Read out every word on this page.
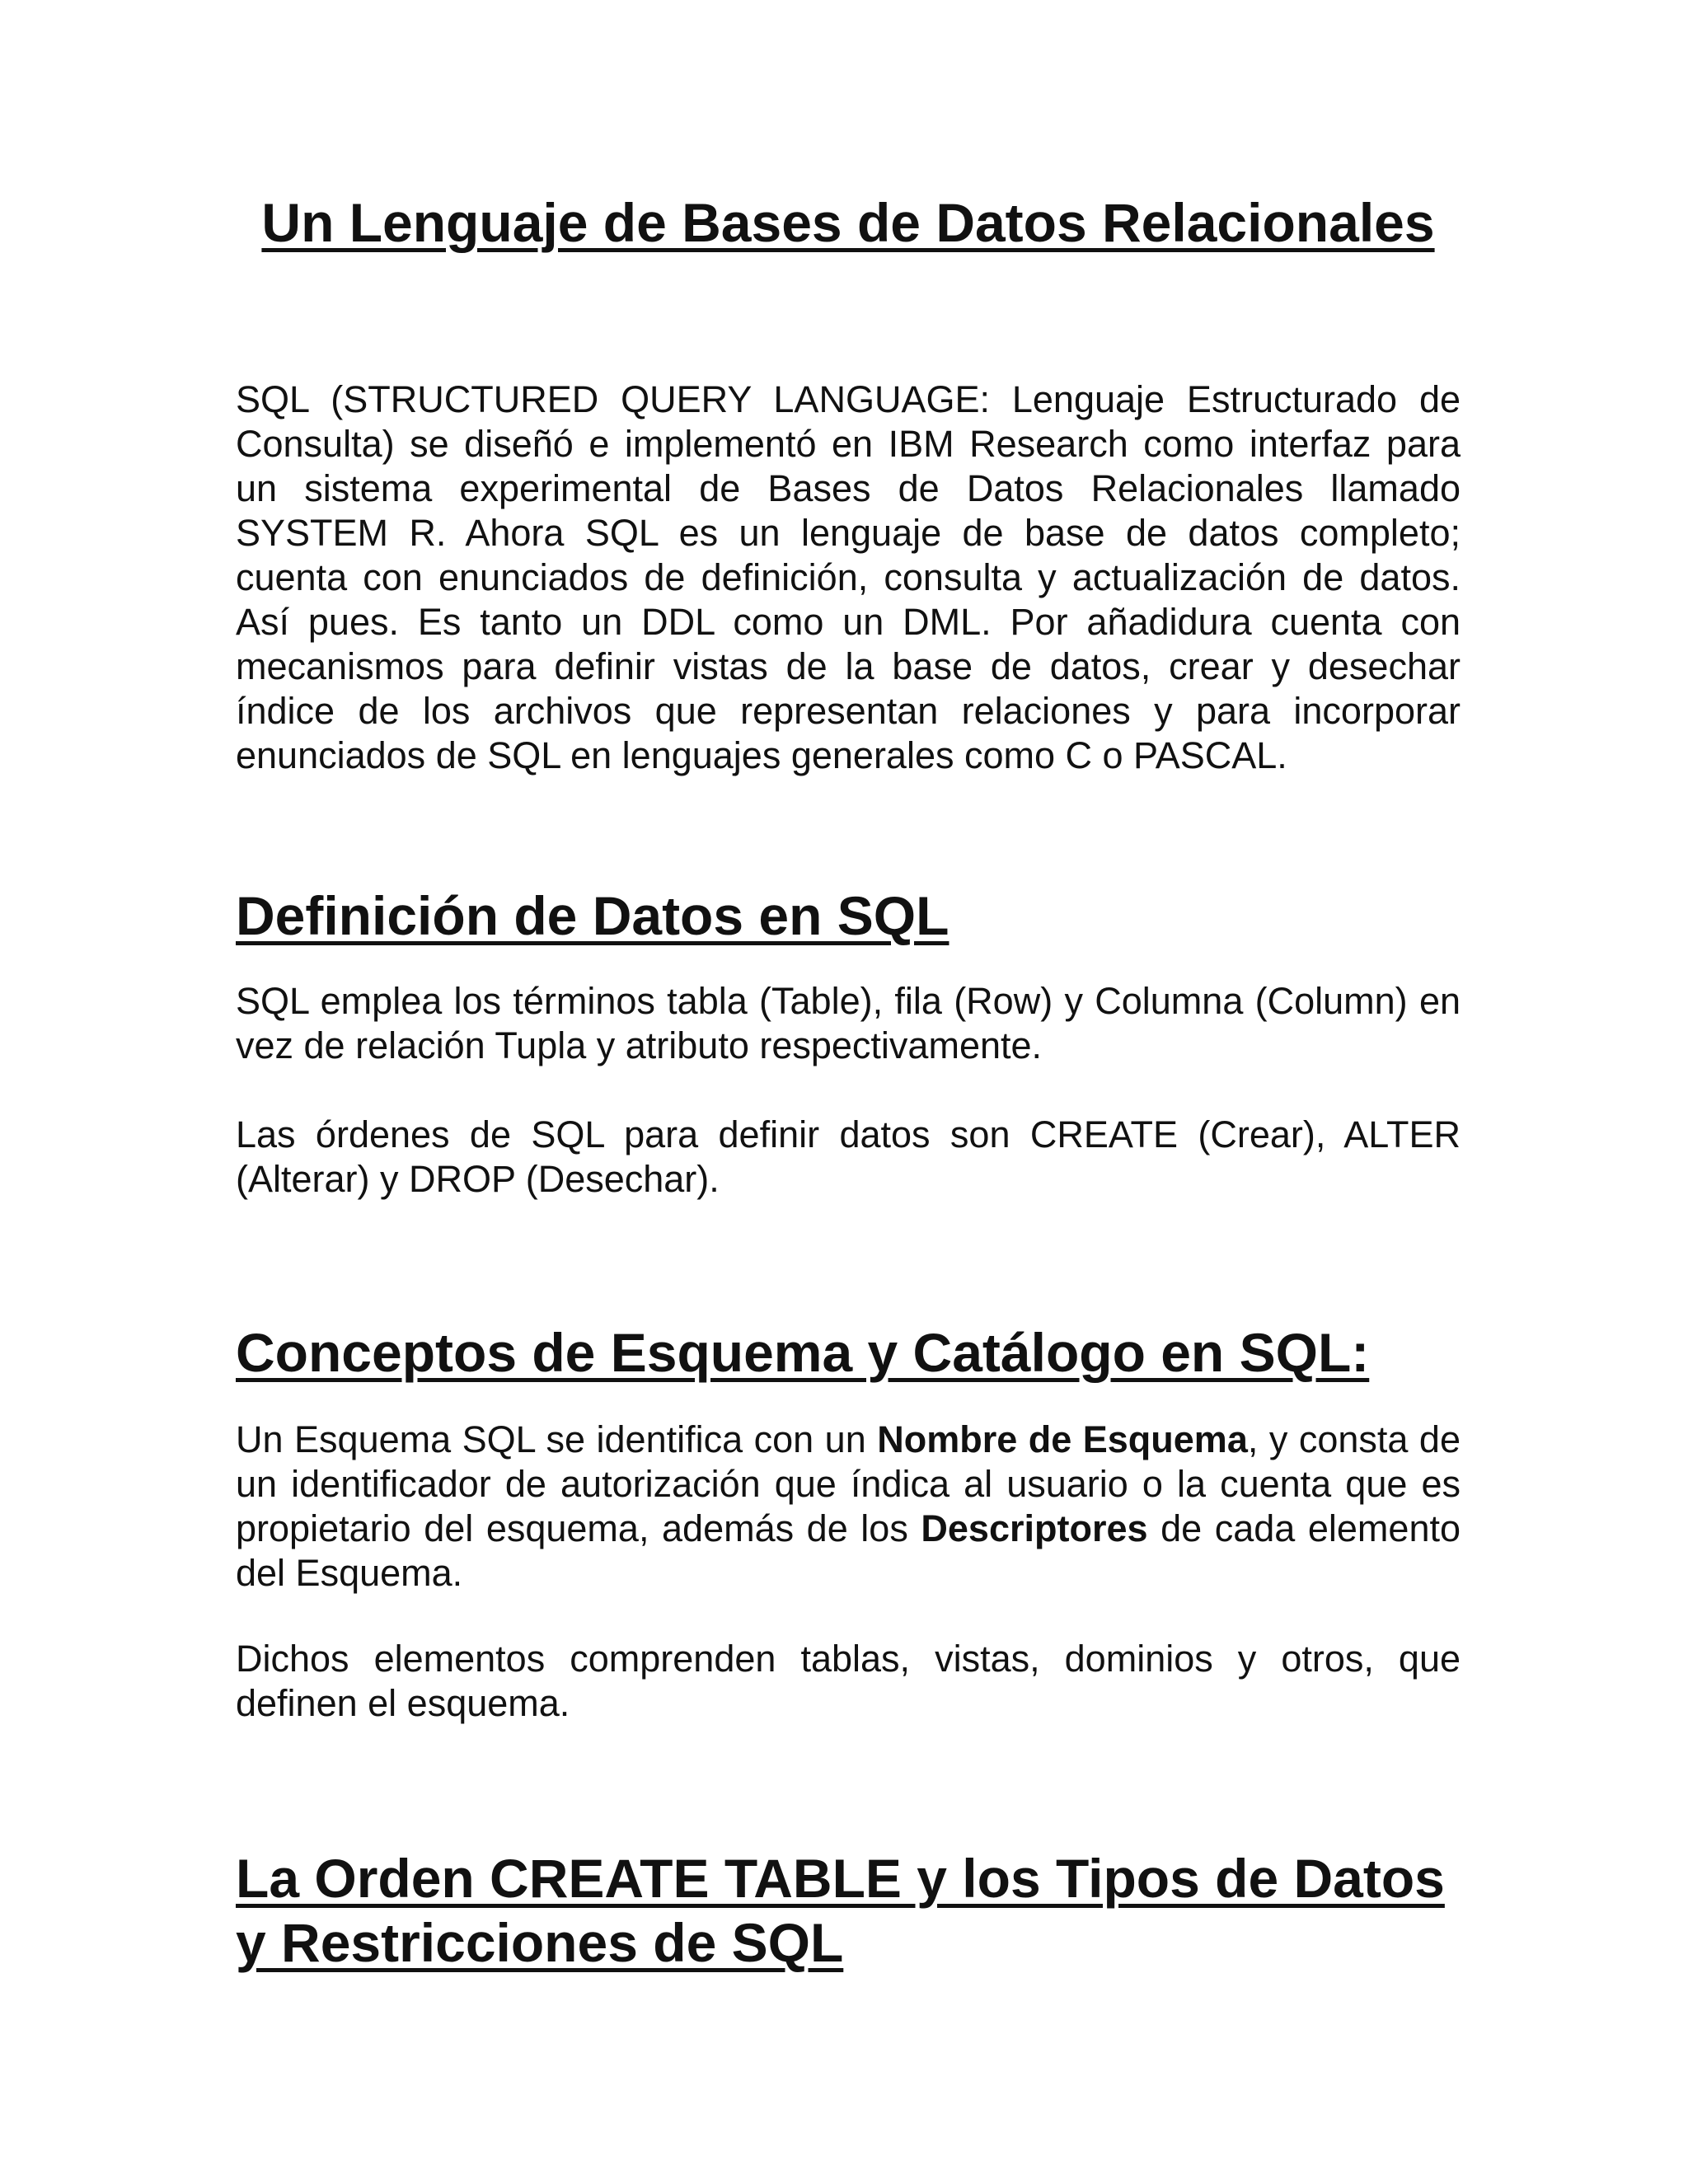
Un Lenguaje de Bases de Datos Relacionales

SQL (STRUCTURED QUERY LANGUAGE: Lenguaje Estructurado de Consulta) se diseñó e implementó en IBM Research como interfaz para un sistema experimental de Bases de Datos Relacionales llamado SYSTEM R. Ahora SQL es un lenguaje de base de datos completo; cuenta con enunciados de definición, consulta y actualización de datos. Así pues. Es tanto un DDL como un DML. Por añadidura cuenta con mecanismos para definir vistas de la base de datos, crear y desechar índice de los archivos que representan relaciones y para incorporar enunciados de SQL en lenguajes generales como C o PASCAL.

Definición de Datos en SQL

SQL emplea los términos tabla (Table), fila (Row) y Columna (Column) en vez de relación Tupla y atributo respectivamente.

Las órdenes de SQL para definir datos son CREATE (Crear), ALTER (Alterar) y DROP (Desechar).

Conceptos de Esquema y Catálogo en SQL:

Un Esquema SQL se identifica con un Nombre de Esquema, y consta de un identificador de autorización que índica al usuario o la cuenta que es propietario del esquema, además de los Descriptores de cada elemento del Esquema.

Dichos elementos comprenden tablas, vistas, dominios y otros, que definen el esquema.

La Orden CREATE TABLE y los Tipos de Datos
y Restricciones de SQL
